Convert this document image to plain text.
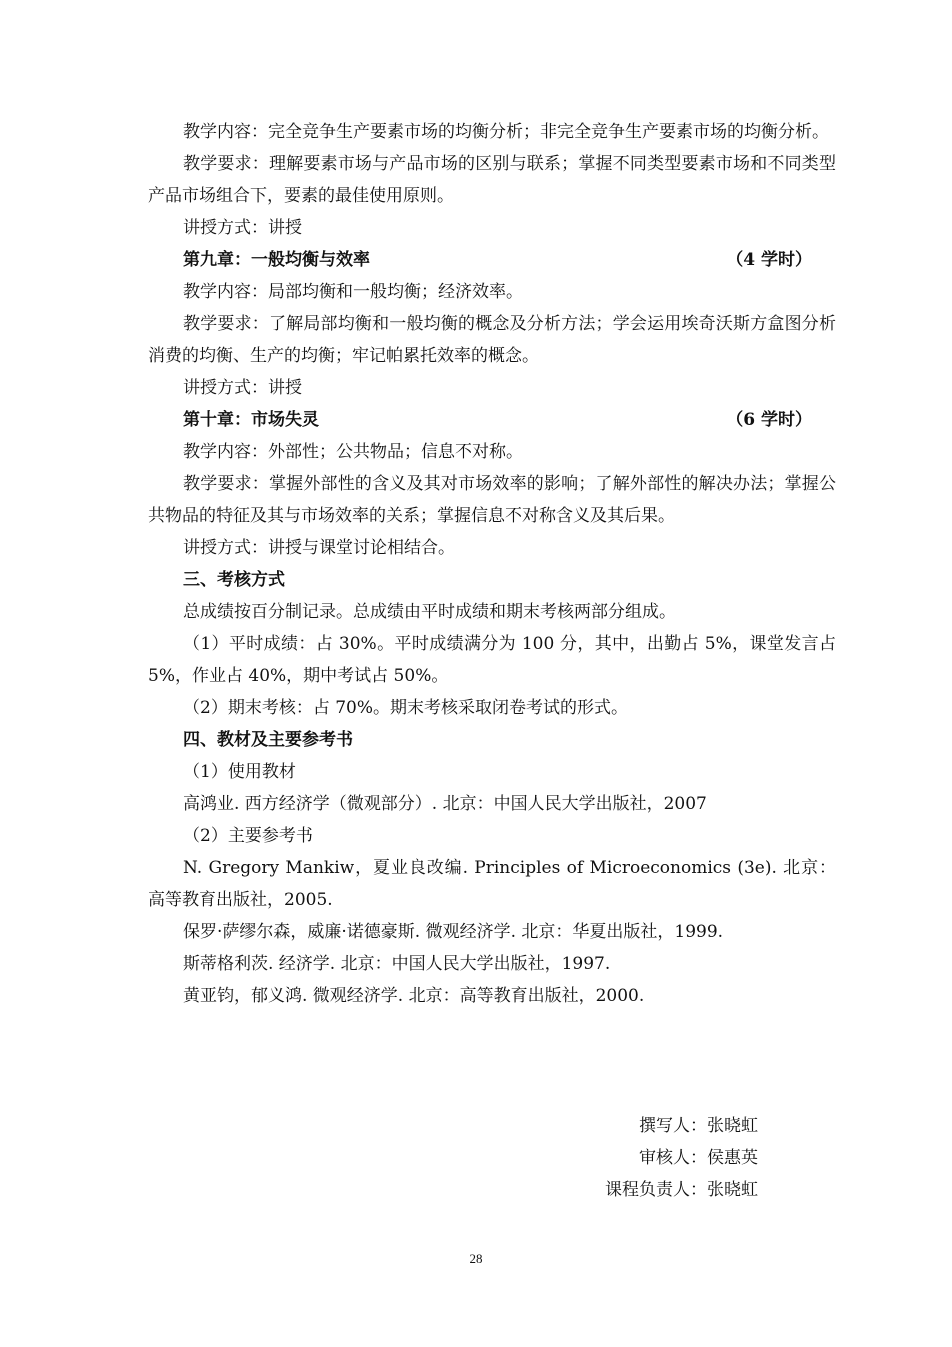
教学内容：完全竞争生产要素市场的均衡分析；非完全竞争生产要素市场的均衡分析。
教学要求：理解要素市场与产品市场的区别与联系；掌握不同类型要素市场和不同类型产品市场组合下，要素的最佳使用原则。
讲授方式：讲授
第九章：一般均衡与效率	（4 学时）
教学内容：局部均衡和一般均衡；经济效率。
教学要求：了解局部均衡和一般均衡的概念及分析方法；学会运用埃奇沃斯方盒图分析消费的均衡、生产的均衡；牢记帕累托效率的概念。
讲授方式：讲授
第十章：市场失灵	（6 学时）
教学内容：外部性；公共物品；信息不对称。
教学要求：掌握外部性的含义及其对市场效率的影响；了解外部性的解决办法；掌握公共物品的特征及其与市场效率的关系；掌握信息不对称含义及其后果。
讲授方式：讲授与课堂讨论相结合。
三、考核方式
总成绩按百分制记录。总成绩由平时成绩和期末考核两部分组成。
（1）平时成绩：占 30%。平时成绩满分为 100 分，其中，出勤占 5%，课堂发言占 5%，作业占 40%，期中考试占 50%。
（2）期末考核：占 70%。期末考核采取闭卷考试的形式。
四、教材及主要参考书
（1）使用教材
高鸿业. 西方经济学（微观部分）. 北京：中国人民大学出版社，2007
（2）主要参考书
N. Gregory Mankiw，夏业良改编. Principles of Microeconomics (3e). 北京：高等教育出版社，2005.
保罗·萨缪尔森，威廉·诺德豪斯. 微观经济学. 北京：华夏出版社，1999.
斯蒂格利茨. 经济学. 北京：中国人民大学出版社，1997.
黄亚钧，郁义鸿. 微观经济学. 北京：高等教育出版社，2000.
撰写人：张晓虹
审核人：侯惠英
课程负责人：张晓虹
28
